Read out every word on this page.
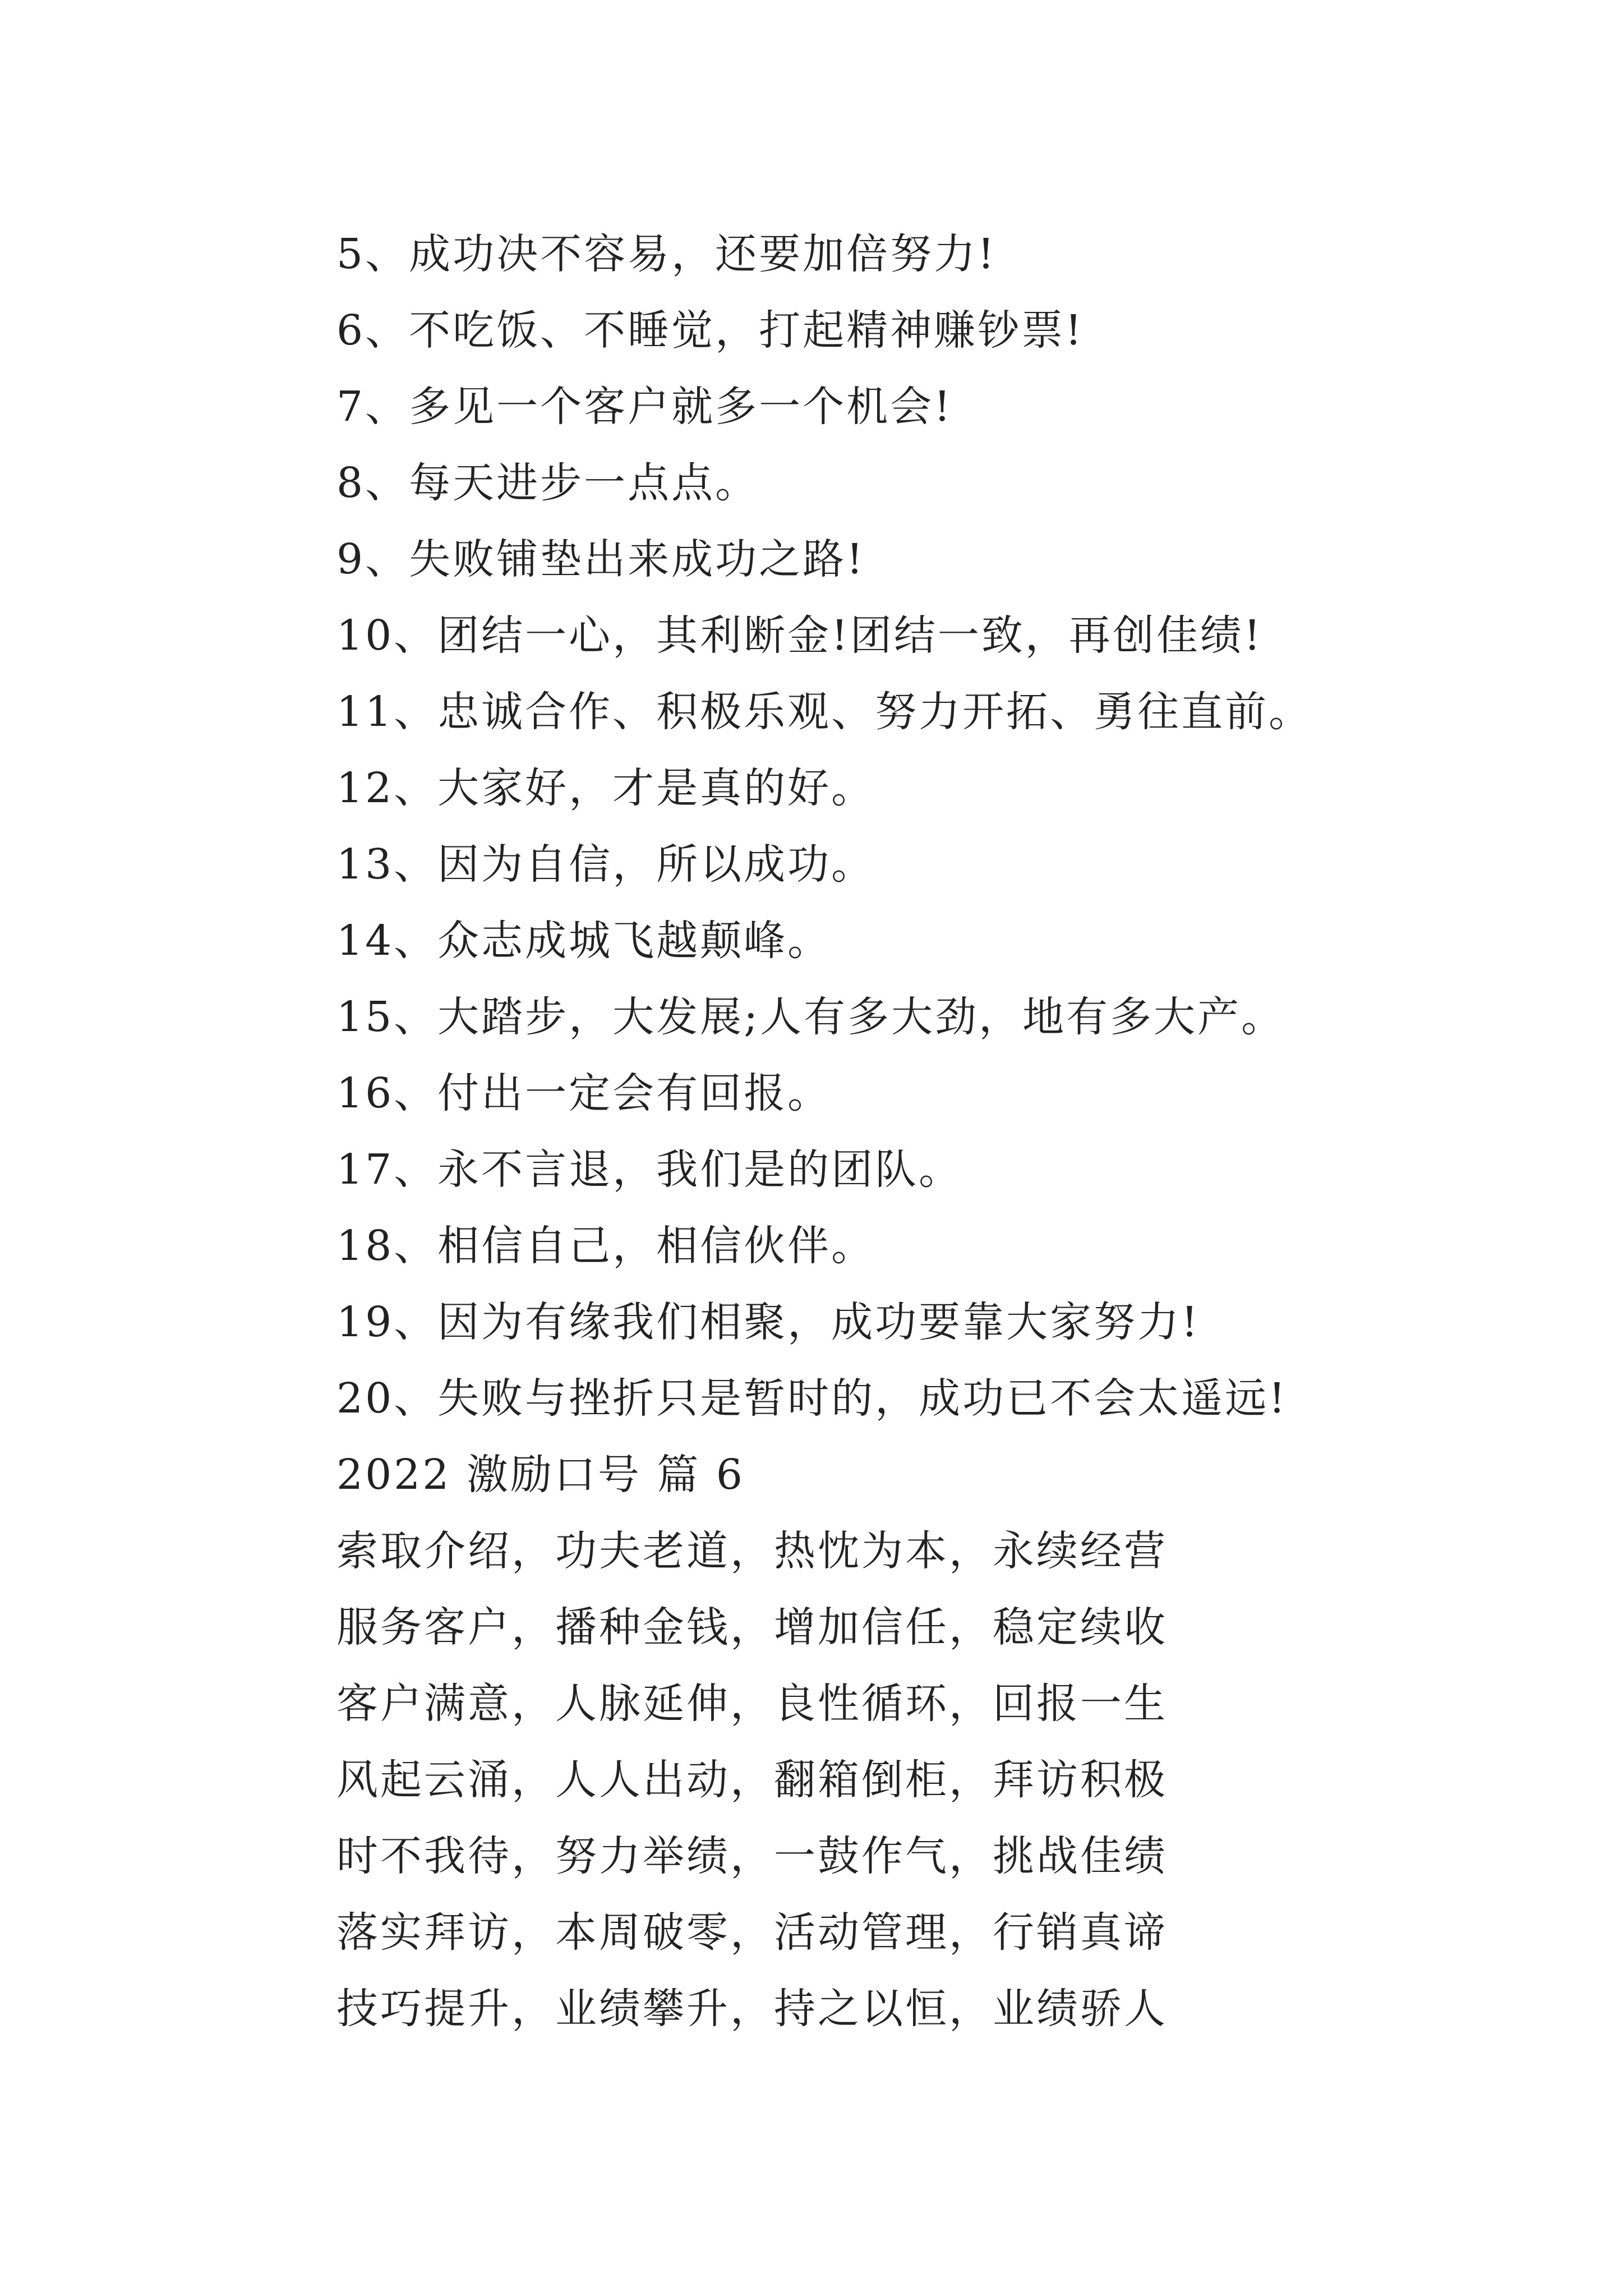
5、成功决不容易，还要加倍努力!
6、不吃饭、不睡觉，打起精神赚钞票!
7、多见一个客户就多一个机会!
8、每天进步一点点。
9、失败铺垫出来成功之路!
10、团结一心，其利断金!团结一致，再创佳绩!
11、忠诚合作、积极乐观、努力开拓、勇往直前。
12、大家好，才是真的好。
13、因为自信，所以成功。
14、众志成城飞越颠峰。
15、大踏步，大发展;人有多大劲，地有多大产。
16、付出一定会有回报。
17、永不言退，我们是的团队。
18、相信自己，相信伙伴。
19、因为有缘我们相聚，成功要靠大家努力!
20、失败与挫折只是暂时的，成功已不会太遥远!
2022 激励口号 篇 6
索取介绍，功夫老道，热忱为本，永续经营
服务客户，播种金钱，增加信任，稳定续收
客户满意，人脉延伸，良性循环，回报一生
风起云涌，人人出动，翻箱倒柜，拜访积极
时不我待，努力举绩，一鼓作气，挑战佳绩
落实拜访，本周破零，活动管理，行销真谛
技巧提升，业绩攀升，持之以恒，业绩骄人
